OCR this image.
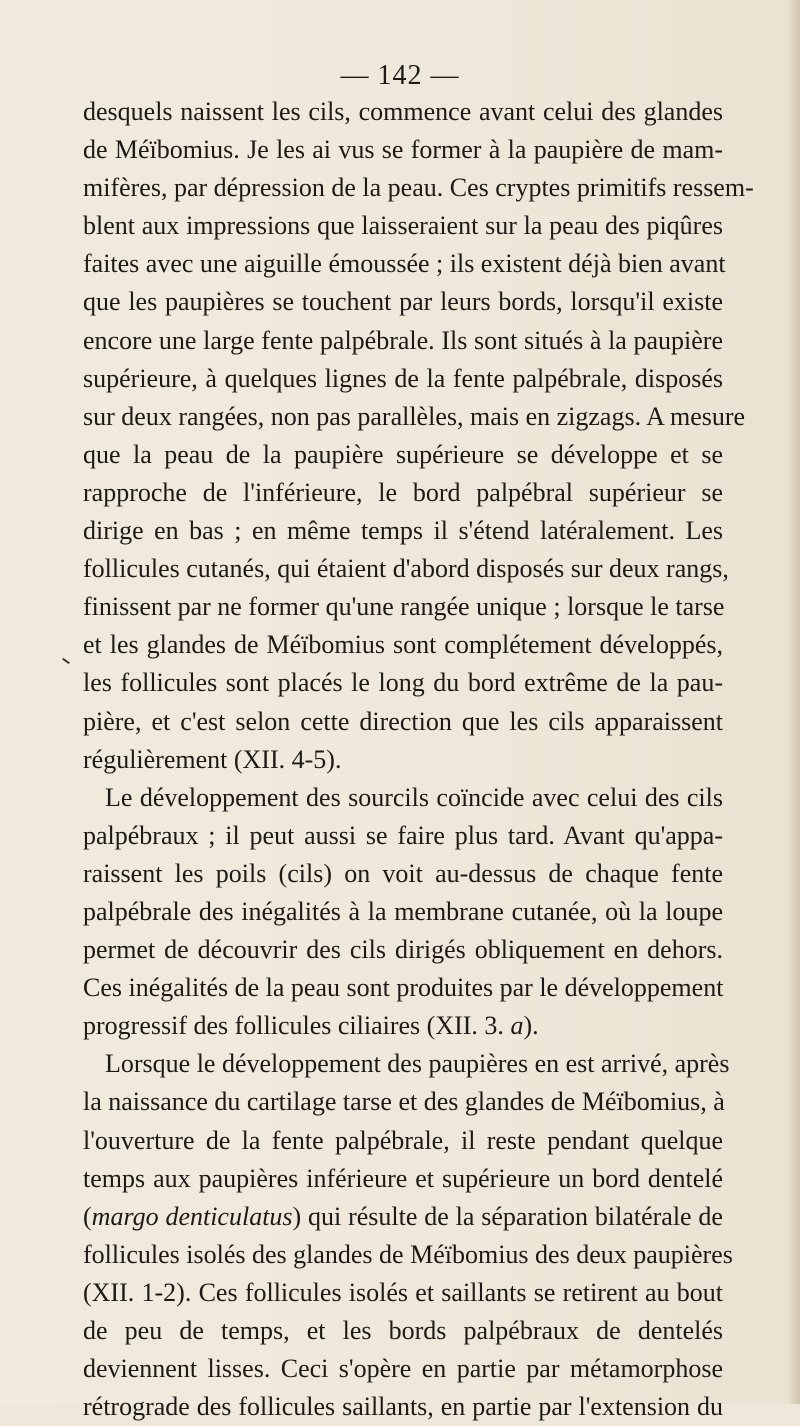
— 142 —
desquels naissent les cils, commence avant celui des glandes
de Méïbomius. Je les ai vus se former à la paupière de mam-
mifères, par dépression de la peau. Ces cryptes primitifs ressem-
blent aux impressions que laisseraient sur la peau des piqûres
faites avec une aiguille émoussée ; ils existent déjà bien avant
que les paupières se touchent par leurs bords, lorsqu'il existe
encore une large fente palpébrale. Ils sont situés à la paupière
supérieure, à quelques lignes de la fente palpébrale, disposés
sur deux rangées, non pas parallèles, mais en zigzags. A mesure
que la peau de la paupière supérieure se développe et se
rapproche de l'inférieure, le bord palpébral supérieur se
dirige en bas ; en même temps il s'étend latéralement. Les
follicules cutanés, qui étaient d'abord disposés sur deux rangs,
finissent par ne former qu'une rangée unique ; lorsque le tarse
et les glandes de Méïbomius sont complétement développés,
les follicules sont placés le long du bord extrême de la pau-
pière, et c'est selon cette direction que les cils apparaissent
régulièrement (XII. 4-5).
Le développement des sourcils coïncide avec celui des cils
palpébraux ; il peut aussi se faire plus tard. Avant qu'appa-
raissent les poils (cils) on voit au-dessus de chaque fente
palpébrale des inégalités à la membrane cutanée, où la loupe
permet de découvrir des cils dirigés obliquement en dehors.
Ces inégalités de la peau sont produites par le développement
progressif des follicules ciliaires (XII. 3. a).
Lorsque le développement des paupières en est arrivé, après
la naissance du cartilage tarse et des glandes de Méïbomius, à
l'ouverture de la fente palpébrale, il reste pendant quelque
temps aux paupières inférieure et supérieure un bord dentelé
(margo denticulatus) qui résulte de la séparation bilatérale de
follicules isolés des glandes de Méïbomius des deux paupières
(XII. 1-2). Ces follicules isolés et saillants se retirent au bout
de peu de temps, et les bords palpébraux de dentelés
deviennent lisses. Ceci s'opère en partie par métamorphose
rétrograde des follicules saillants, en partie par l'extension du
